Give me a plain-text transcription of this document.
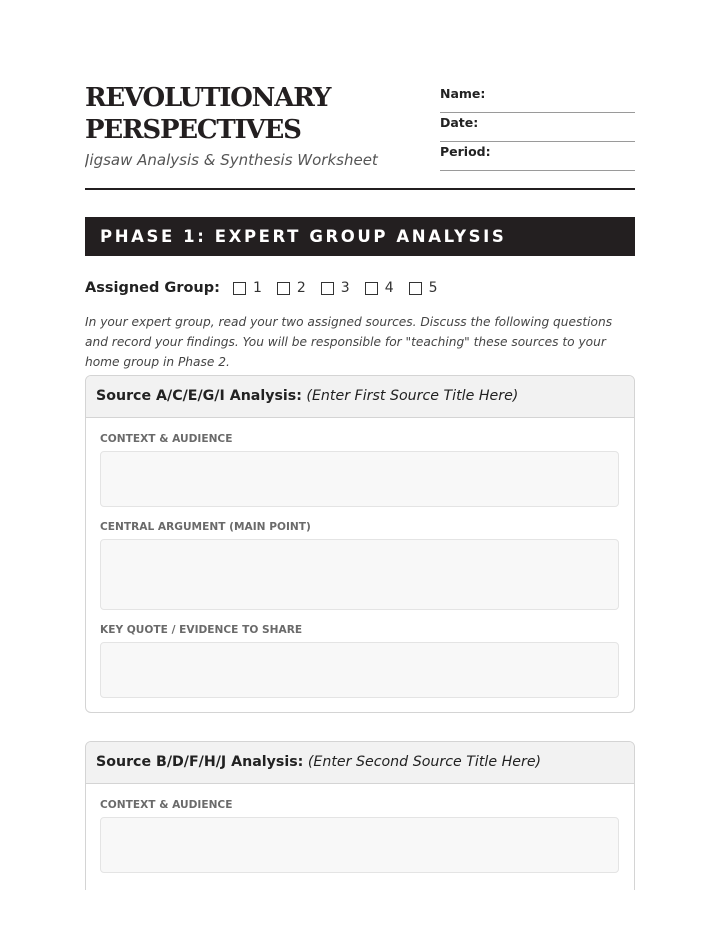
REVOLUTIONARY
PERSPECTIVES
Jigsaw Analysis & Synthesis Worksheet
Name:
Date:
Period:
PHASE 1: EXPERT GROUP ANALYSIS
Assigned Group: 1	2	3	4	5

In your expert group, read your two assigned sources. Discuss the following questions and record your findings. You will be responsible for "teaching" these sources to your home group in Phase 2.

Source A/C/E/G/I Analysis: (Enter First Source Title Here)
CONTEXT & AUDIENCE
CENTRAL ARGUMENT (MAIN POINT)
KEY QUOTE / EVIDENCE TO SHARE
Source B/D/F/H/J Analysis: (Enter Second Source Title Here)
CONTEXT & AUDIENCE
